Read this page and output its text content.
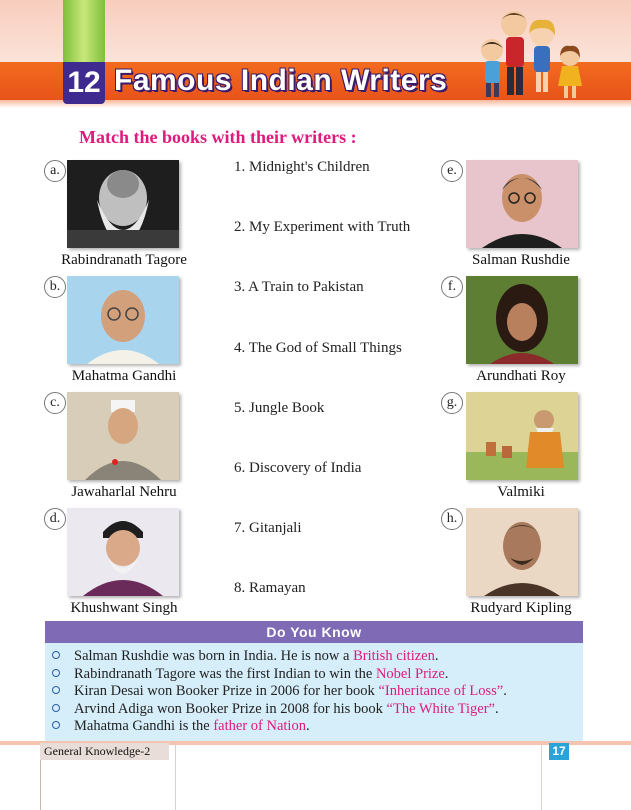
12 Famous Indian Writers
Match the books with their writers :
a.
Rabindranath Tagore
b.
Mahatma Gandhi
c.
Jawaharlal Nehru
d.
Khushwant Singh
e.
Salman Rushdie
f.
Arundhati Roy
g.
Valmiki
h.
Rudyard Kipling
1. Midnight's Children
2. My Experiment with Truth
3. A Train to Pakistan
4. The God of Small Things
5. Jungle Book
6. Discovery of India
7. Gitanjali
8. Ramayan
Do You Know
Salman Rushdie was born in India. He is now a British citizen.
Rabindranath Tagore was the first Indian to win the Nobel Prize.
Kiran Desai won Booker Prize in 2006 for her book “Inheritance of Loss”.
Arvind Adiga won Booker Prize in 2008 for his book “The White Tiger”.
Mahatma Gandhi is the father of Nation.
General Knowledge-2	17
